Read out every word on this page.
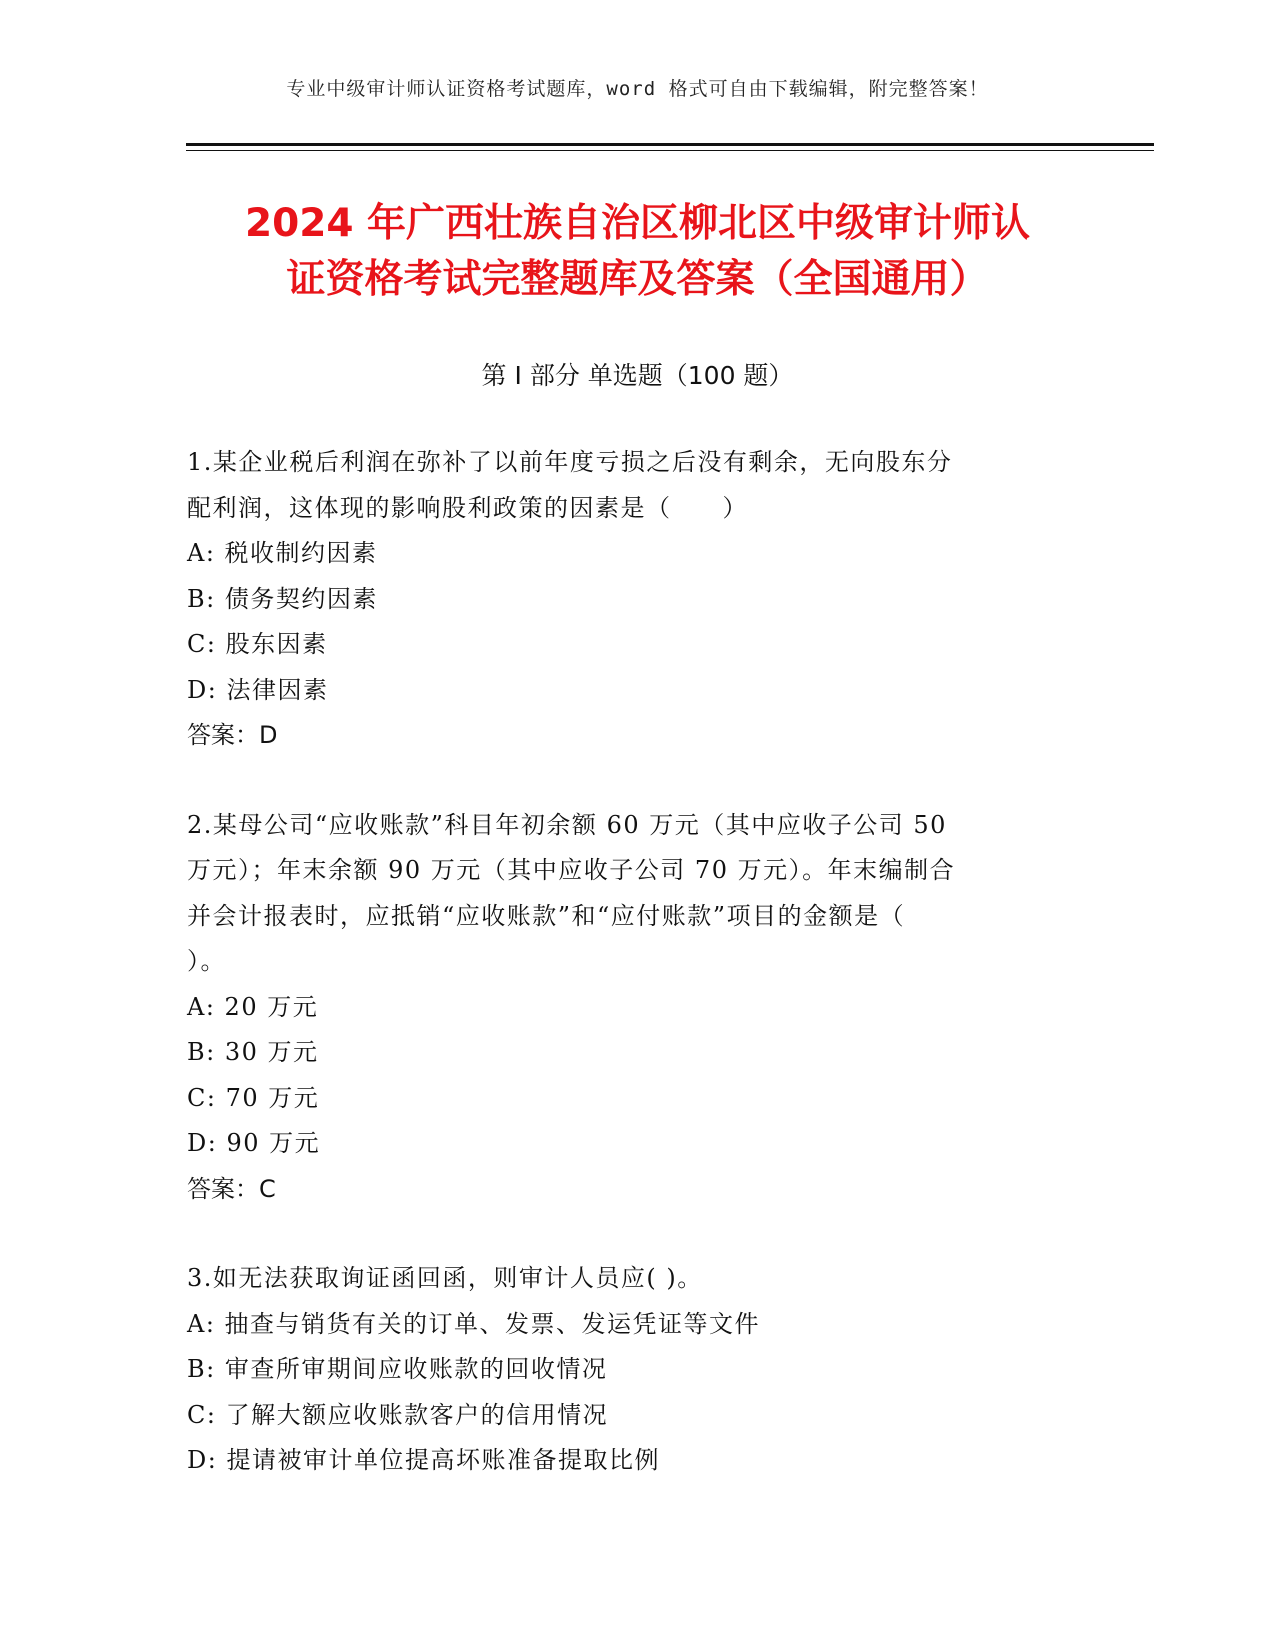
专业中级审计师认证资格考试题库，word 格式可自由下载编辑，附完整答案！
2024 年广西壮族自治区柳北区中级审计师认
证资格考试完整题库及答案（全国通用）
第 I 部分 单选题（100 题）
1.某企业税后利润在弥补了以前年度亏损之后没有剩余，无向股东分
配利润，这体现的影响股利政策的因素是（　　）
A: 税收制约因素
B: 债务契约因素
C: 股东因素
D: 法律因素
答案：D
2.某母公司“应收账款”科目年初余额 60 万元（其中应收子公司 50
万元）；年末余额 90 万元（其中应收子公司 70 万元）。年末编制合
并会计报表时，应抵销“应收账款”和“应付账款”项目的金额是（
）。
A: 20 万元
B: 30 万元
C: 70 万元
D: 90 万元
答案：C
3.如无法获取询证函回函，则审计人员应( )。
A: 抽查与销货有关的订单、发票、发运凭证等文件
B: 审查所审期间应收账款的回收情况
C: 了解大额应收账款客户的信用情况
D: 提请被审计单位提高坏账准备提取比例
